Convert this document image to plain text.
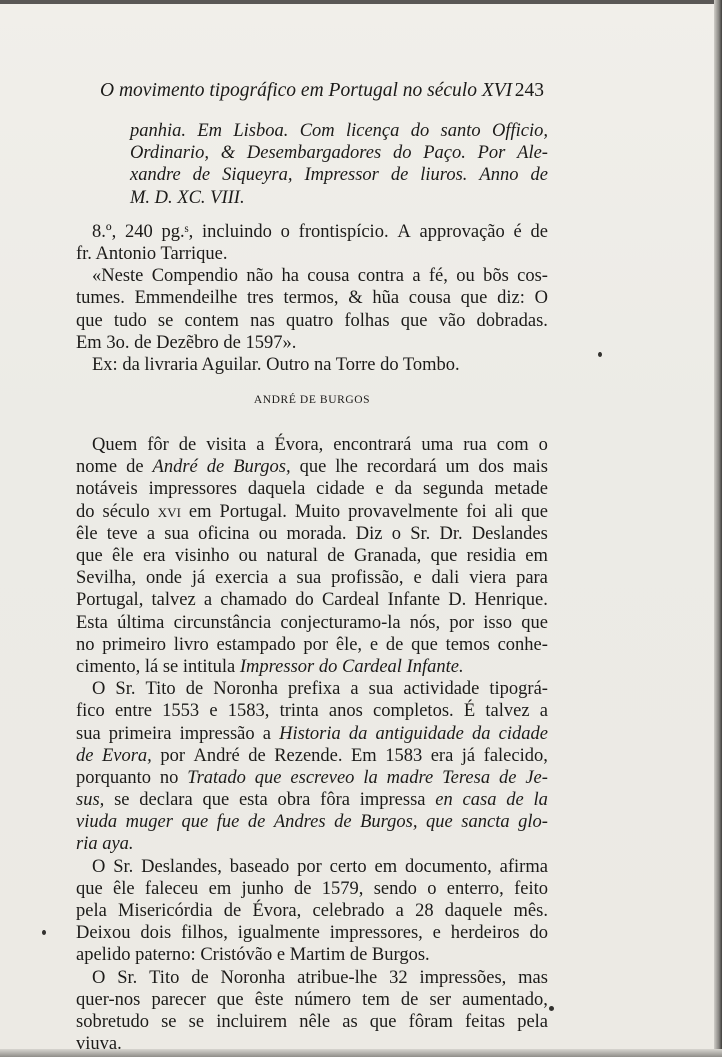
O movimento tipográfico em Portugal no século XVI 243
panhia. Em Lisboa. Com licença do santo Officio,
Ordinario, & Desembargadores do Paço. Por Ale-
xandre de Siqueyra, Impressor de liuros. Anno de
M. D. XC. VIII.
8.º, 240 pg.ˢ, incluindo o frontispício. A approvação é de
fr. Antonio Tarrique.
«Neste Compendio não ha cousa contra a fé, ou bõs cos-
tumes. Emmendeilhe tres termos, & hũa cousa que diz: O
que tudo se contem nas quatro folhas que vão dobradas.
Em 3o. de Dezẽbro de 1597».
Ex: da livraria Aguilar. Outro na Torre do Tombo.
ANDRÉ DE BURGOS
Quem fôr de visita a Évora, encontrará uma rua com o
nome de André de Burgos, que lhe recordará um dos mais
notáveis impressores daquela cidade e da segunda metade
do século xvi em Portugal. Muito provavelmente foi ali que
êle teve a sua oficina ou morada. Diz o Sr. Dr. Deslandes
que êle era visinho ou natural de Granada, que residia em
Sevilha, onde já exercia a sua profissão, e dali viera para
Portugal, talvez a chamado do Cardeal Infante D. Henrique.
Esta última circunstância conjecturamo-la nós, por isso que
no primeiro livro estampado por êle, e de que temos conhe-
cimento, lá se intitula Impressor do Cardeal Infante.
O Sr. Tito de Noronha prefixa a sua actividade tipográ-
fico entre 1553 e 1583, trinta anos completos. É talvez a
sua primeira impressão a Historia da antiguidade da cidade
de Evora, por André de Rezende. Em 1583 era já falecido,
porquanto no Tratado que escreveo la madre Teresa de Je-
sus, se declara que esta obra fôra impressa en casa de la
viuda muger que fue de Andres de Burgos, que sancta glo-
ria aya.
O Sr. Deslandes, baseado por certo em documento, afirma
que êle faleceu em junho de 1579, sendo o enterro, feito
pela Misericórdia de Évora, celebrado a 28 daquele mês.
Deixou dois filhos, igualmente impressores, e herdeiros do
apelido paterno: Cristóvão e Martim de Burgos.
O Sr. Tito de Noronha atribue-lhe 32 impressões, mas
quer-nos parecer que êste número tem de ser aumentado,
sobretudo se se incluirem nêle as que fôram feitas pela
viuva.
